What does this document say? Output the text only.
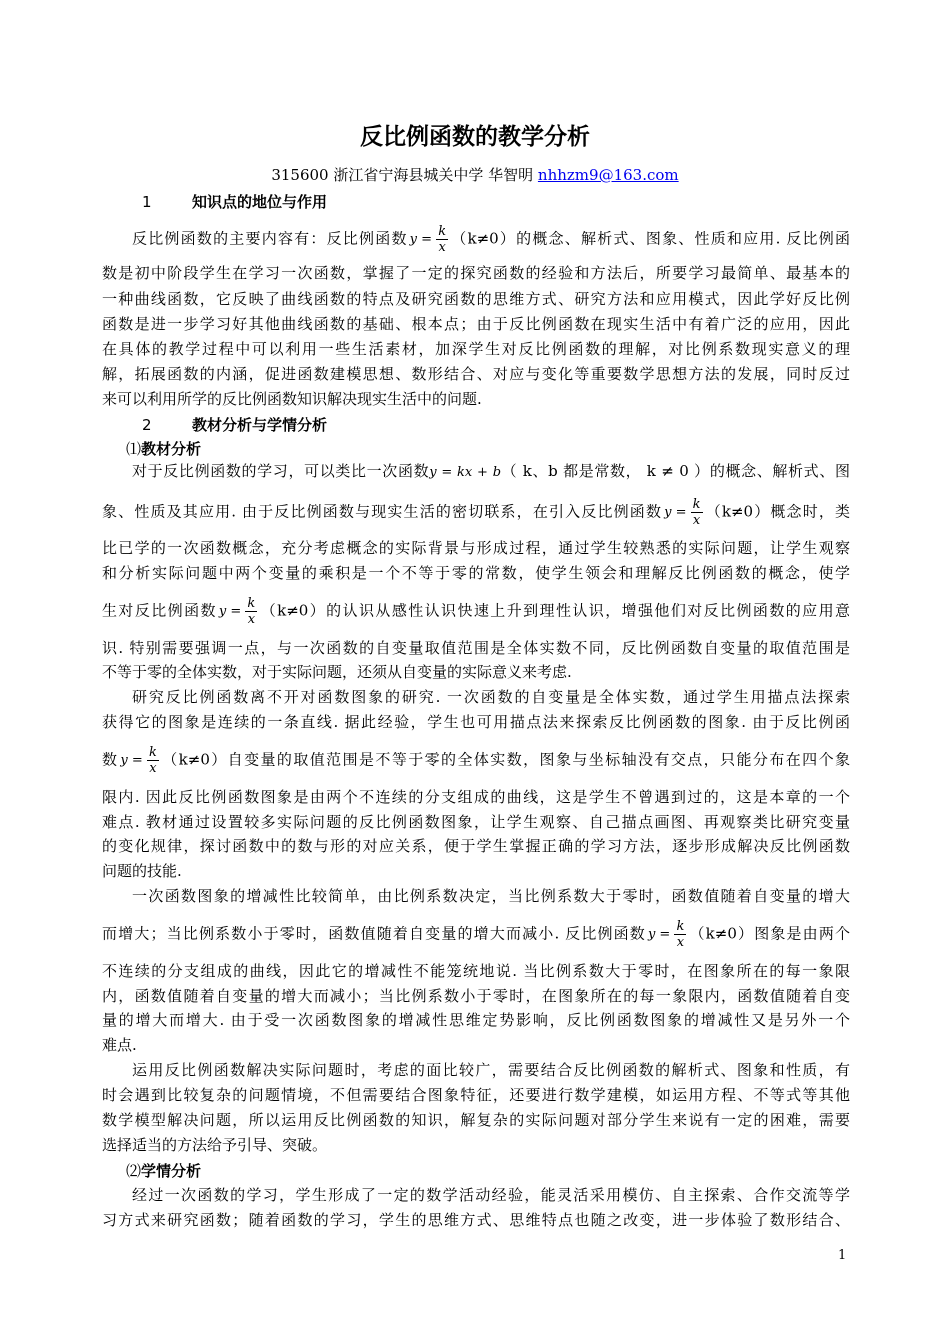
反比例函数的教学分析
315600 浙江省宁海县城关中学 华智明 nhhzm9@163.com
1	知识点的地位与作用
反比例函数的主要内容有：反比例函数 $y = \frac{k}{x} (k\ne 0)$的概念、解析式、图象、性质和应用. 反比例函
数是初中阶段学生在学习一次函数，掌握了一定的探究函数的经验和方法后，所要学习最简单、最基本的
一种曲线函数，它反映了曲线函数的特点及研究函数的思维方式、研究方法和应用模式，因此学好反比例
函数是进一步学习好其他曲线函数的基础、根本点；由于反比例函数在现实生活中有着广泛的应用，因此
在具体的教学过程中可以利用一些生活素材，加深学生对反比例函数的理解，对比例系数现实意义的理
解，拓展函数的内涵，促进函数建模思想、数形结合、对应与变化等重要数学思想方法的发展，同时反过
来可以利用所学的反比例函数知识解决现实生活中的问题.
2	教材分析与学情分析
⑴教材分析
对于反比例函数的学习，可以类比一次函数y = kx + b（ k、b 都是常数， k ≠ 0 ）的概念、解析式、图
象、性质及其应用. 由于反比例函数与现实生活的密切联系，在引入反比例函数 $y = \frac{k}{x} (k\ne 0)$概念时，类
比已学的一次函数概念，充分考虑概念的实际背景与形成过程，通过学生较熟悉的实际问题，让学生观察
和分析实际问题中两个变量的乘积是一个不等于零的常数，使学生领会和理解反比例函数的概念，使学
生对反比例函数 $y = \frac{k}{x} (k\ne 0)$的认识从感性认识快速上升到理性认识，增强他们对反比例函数的应用意
识. 特别需要强调一点，与一次函数的自变量取值范围是全体实数不同，反比例函数自变量的取值范围是
不等于零的全体实数，对于实际问题，还须从自变量的实际意义来考虑.
研究反比例函数离不开对函数图象的研究. 一次函数的自变量是全体实数，通过学生用描点法探索
获得它的图象是连续的一条直线. 据此经验，学生也可用描点法来探索反比例函数的图象. 由于反比例函
数 $y = \frac{k}{x} (k\ne 0)$自变量的取值范围是不等于零的全体实数，图象与坐标轴没有交点，只能分布在四个象
限内. 因此反比例函数图象是由两个不连续的分支组成的曲线，这是学生不曾遇到过的，这是本章的一个
难点. 教材通过设置较多实际问题的反比例函数图象，让学生观察、自己描点画图、再观察类比研究变量
的变化规律，探讨函数中的数与形的对应关系，便于学生掌握正确的学习方法，逐步形成解决反比例函数
问题的技能.
一次函数图象的增减性比较简单，由比例系数决定，当比例系数大于零时，函数值随着自变量的增大
而增大；当比例系数小于零时，函数值随着自变量的增大而减小. 反比例函数 $y = \frac{k}{x} (k\ne 0)$图象是由两个
不连续的分支组成的曲线，因此它的增减性不能笼统地说. 当比例系数大于零时，在图象所在的每一象限
内，函数值随着自变量的增大而减小；当比例系数小于零时，在图象所在的每一象限内，函数值随着自变
量的增大而增大. 由于受一次函数图象的增减性思维定势影响，反比例函数图象的增减性又是另外一个
难点.
运用反比例函数解决实际问题时，考虑的面比较广，需要结合反比例函数的解析式、图象和性质，有
时会遇到比较复杂的问题情境，不但需要结合图象特征，还要进行数学建模，如运用方程、不等式等其他
数学模型解决问题，所以运用反比例函数的知识，解复杂的实际问题对部分学生来说有一定的困难，需要
选择适当的方法给予引导、突破。
⑵学情分析
经过一次函数的学习，学生形成了一定的数学活动经验，能灵活采用模仿、自主探索、合作交流等学
习方式来研究函数；随着函数的学习，学生的思维方式、思维特点也随之改变，进一步体验了数形结合、
1
